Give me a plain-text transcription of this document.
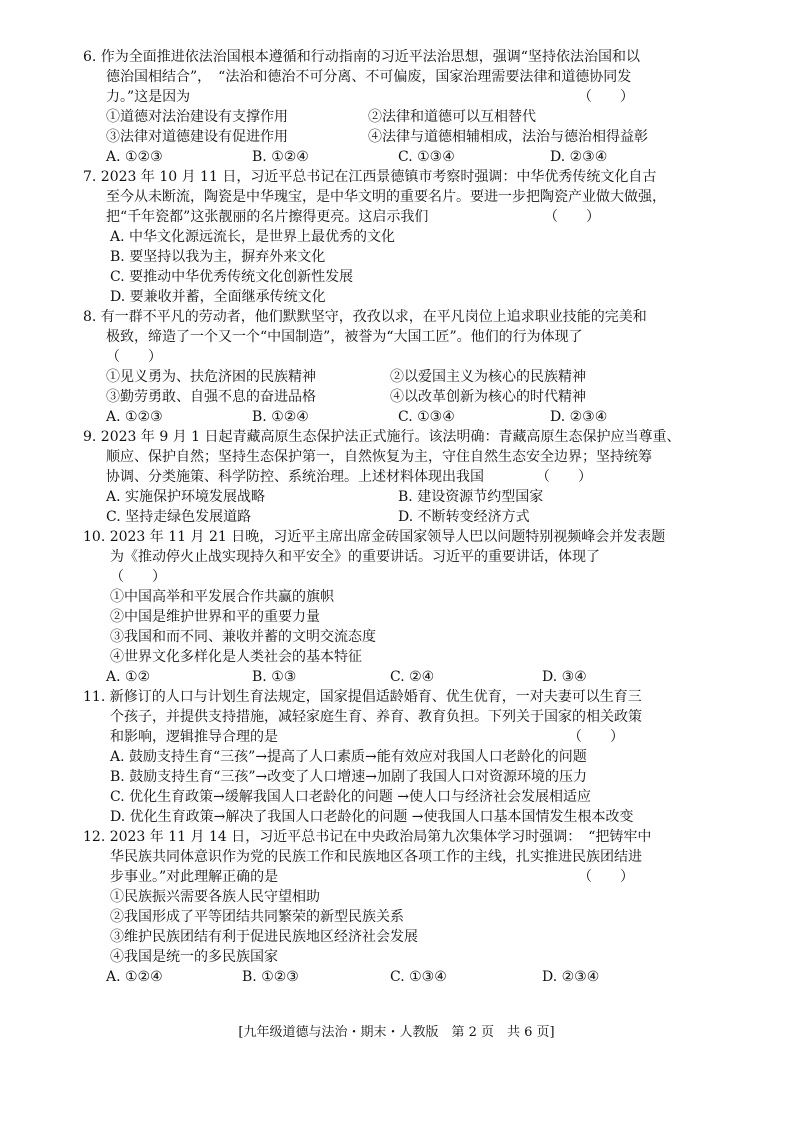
6. 作为全面推进依法治国根本遵循和行动指南的习近平法治思想，强调“坚持依法治国和以
德治国相结合”，　“法治和德治不可分离、不可偏废，国家治理需要法律和道德协同发
力。”这是因为	（　　）
①道德对法治建设有支撑作用	②法律和道德可以互相替代
③法律对道德建设有促进作用	④法律与道德相辅相成，法治与德治相得益彰
A. ①②③	B. ①②④	C. ①③④	D. ②③④
7. 2023 年 10 月 11 日，习近平总书记在江西景德镇市考察时强调：中华优秀传统文化自古
至今从未断流，陶瓷是中华瑰宝，是中华文明的重要名片。要进一步把陶瓷产业做大做强，
把“千年瓷都”这张靓丽的名片擦得更亮。这启示我们	（　　）
A. 中华文化源远流长，是世界上最优秀的文化
B. 要坚持以我为主，摒弃外来文化
C. 要推动中华优秀传统文化创新性发展
D. 要兼收并蓄，全面继承传统文化
8. 有一群不平凡的劳动者，他们默默坚守，孜孜以求，在平凡岗位上追求职业技能的完美和
极致，缔造了一个又一个“中国制造”，被誉为“大国工匠”。他们的行为体现了
（　　）
①见义勇为、扶危济困的民族精神	②以爱国主义为核心的民族精神
③勤劳勇敢、自强不息的奋进品格	④以改革创新为核心的时代精神
A. ①②③	B. ①②④	C. ①③④	D. ②③④
9. 2023 年 9 月 1 日起青藏高原生态保护法正式施行。该法明确：青藏高原生态保护应当尊重、
顺应、保护自然；坚持生态保护第一，自然恢复为主，守住自然生态安全边界；坚持统筹
协调、分类施策、科学防控、系统治理。上述材料体现出我国	（　　）
A. 实施保护环境发展战略	B. 建设资源节约型国家
C. 坚持走绿色发展道路	D. 不断转变经济方式
10. 2023 年 11 月 21 日晚，习近平主席出席金砖国家领导人巴以问题特别视频峰会并发表题
为《推动停火止战实现持久和平安全》的重要讲话。习近平的重要讲话，体现了
（　　）
①中国高举和平发展合作共赢的旗帜
②中国是维护世界和平的重要力量
③我国和而不同、兼收并蓄的文明交流态度
④世界文化多样化是人类社会的基本特征
A. ①②	B. ①③	C. ②④	D. ③④
11. 新修订的人口与计划生育法规定，国家提倡适龄婚育、优生优育，一对夫妻可以生育三
个孩子，并提供支持措施，减轻家庭生育、养育、教育负担。下列关于国家的相关政策
和影响，逻辑推导合理的是	（　　）
A. 鼓励支持生育“三孩”→提高了人口素质→能有效应对我国人口老龄化的问题
B. 鼓励支持生育“三孩”→改变了人口增速→加剧了我国人口对资源环境的压力
C. 优化生育政策→缓解我国人口老龄化的问题 →使人口与经济社会发展相适应
D. 优化生育政策→解决了我国人口老龄化的问题 →使我国人口基本国情发生根本改变
12. 2023 年 11 月 14 日，习近平总书记在中央政治局第九次集体学习时强调：　“把铸牢中
华民族共同体意识作为党的民族工作和民族地区各项工作的主线，扎实推进民族团结进
步事业。”对此理解正确的是	（　　）
①民族振兴需要各族人民守望相助
②我国形成了平等团结共同繁荣的新型民族关系
③维护民族团结有利于促进民族地区经济社会发展
④我国是统一的多民族国家
A. ①②④	B. ①②③	C. ①③④	D. ②③④
[九年级道德与法治・期末・人教版　第 2 页　共 6 页]
